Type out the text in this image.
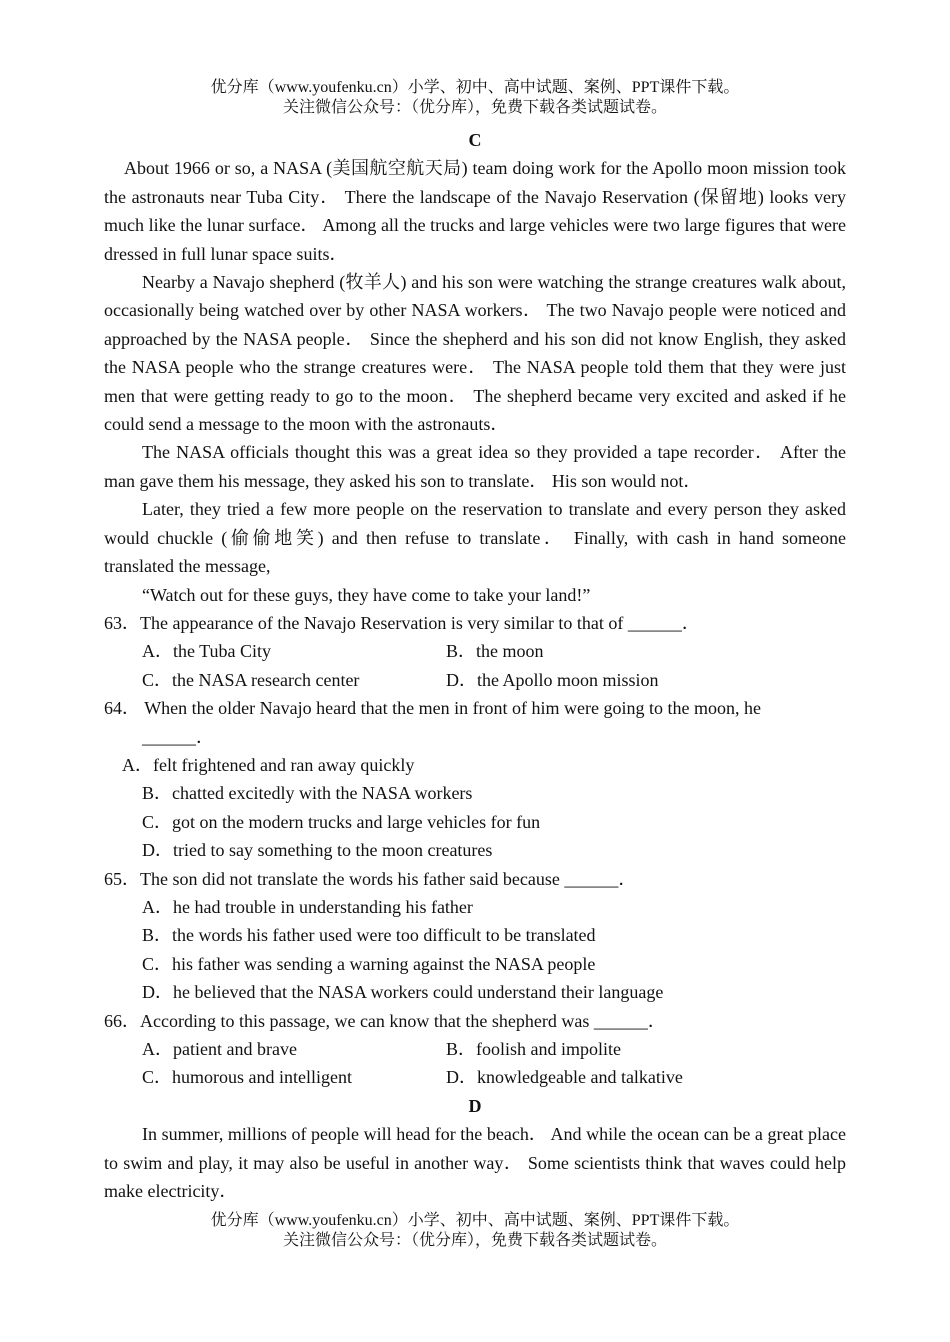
优分库（www.youfenku.cn）小学、初中、高中试题、案例、PPT课件下载。
关注微信公众号：（优分库），免费下载各类试题试卷。
C

About 1966 or so, a NASA (美国航空航天局) team doing work for the Apollo moon mission took the astronauts near Tuba City． There the landscape of the Navajo Reservation (保留地) looks very much like the lunar surface． Among all the trucks and large vehicles were two large figures that were dressed in full lunar space suits．

Nearby a Navajo shepherd (牧羊人) and his son were watching the strange creatures walk about, occasionally being watched over by other NASA workers． The two Navajo people were noticed and approached by the NASA people． Since the shepherd and his son did not know English, they asked the NASA people who the strange creatures were． The NASA people told them that they were just men that were getting ready to go to the moon． The shepherd became very excited and asked if he could send a message to the moon with the astronauts．

The NASA officials thought this was a great idea so they provided a tape recorder． After the man gave them his message, they asked his son to translate． His son would not．

Later, they tried a few more people on the reservation to translate and every person they asked would chuckle (偷偷地笑) and then refuse to translate． Finally, with cash in hand someone translated the message,

“Watch out for these guys, they have come to take your land!”

63．The appearance of the Navajo Reservation is very similar to that of ______．

A．the Tuba City	B．the moon
C．the NASA research center	D．the Apollo moon mission

64． When the older Navajo heard that the men in front of him were going to the moon, he

______．
A．felt frightened and ran away quickly
B．chatted excitedly with the NASA workers
C．got on the modern trucks and large vehicles for fun
D．tried to say something to the moon creatures

65．The son did not translate the words his father said because ______．

A．he had trouble in understanding his father
B．the words his father used were too difficult to be translated
C．his father was sending a warning against the NASA people
D．he believed that the NASA workers could understand their language

66．According to this passage, we can know that the shepherd was ______．

A．patient and brave	B．foolish and impolite
C．humorous and intelligent	D．knowledgeable and talkative
D

In summer, millions of people will head for the beach． And while the ocean can be a great place to swim and play, it may also be useful in another way． Some scientists think that waves could help make electricity．

优分库（www.youfenku.cn）小学、初中、高中试题、案例、PPT课件下载。
关注微信公众号：（优分库），免费下载各类试题试卷。
